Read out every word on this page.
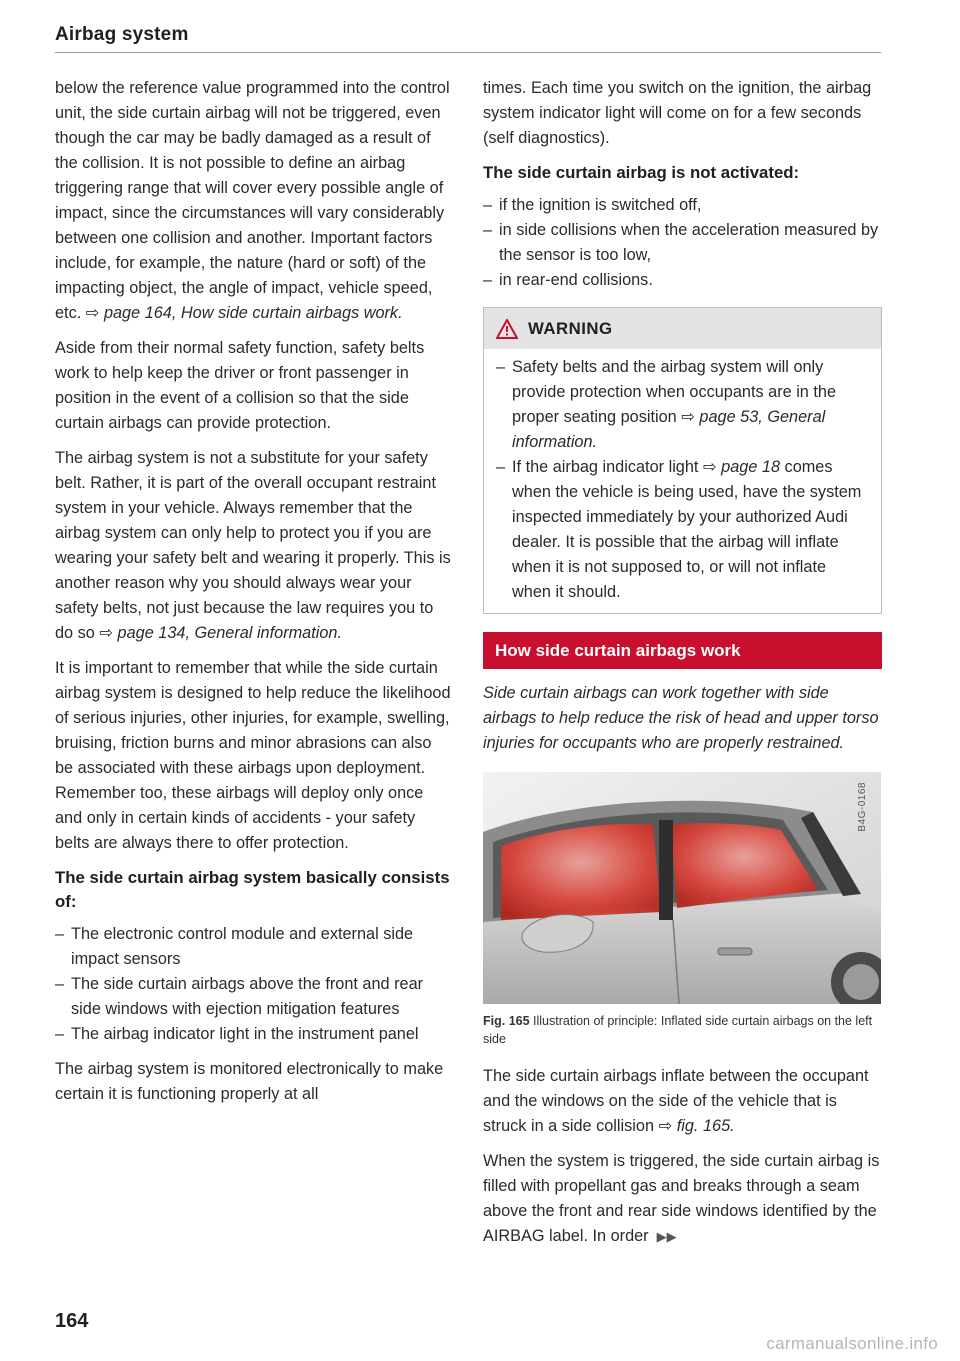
Airbag system

below the reference value programmed into the control unit, the side curtain airbag will not be triggered, even though the car may be badly damaged as a result of the collision. It is not possible to define an airbag triggering range that will cover every possible angle of impact, since the circumstances will vary considerably between one collision and another. Important factors include, for example, the nature (hard or soft) of the impacting object, the angle of impact, vehicle speed, etc. ⇨ page 164, How side curtain airbags work.

Aside from their normal safety function, safety belts work to help keep the driver or front passenger in position in the event of a collision so that the side curtain airbags can provide protection.

The airbag system is not a substitute for your safety belt. Rather, it is part of the overall occupant restraint system in your vehicle. Always remember that the airbag system can only help to protect you if you are wearing your safety belt and wearing it properly. This is another reason why you should always wear your safety belts, not just because the law requires you to do so ⇨ page 134, General information.

It is important to remember that while the side curtain airbag system is designed to help reduce the likelihood of serious injuries, other injuries, for example, swelling, bruising, friction burns and minor abrasions can also be associated with these airbags upon deployment. Remember too, these airbags will deploy only once and only in certain kinds of accidents - your safety belts are always there to offer protection.

The side curtain airbag system basically consists of:
– The electronic control module and external side impact sensors
– The side curtain airbags above the front and rear side windows with ejection mitigation features
– The airbag indicator light in the instrument panel

The airbag system is monitored electronically to make certain it is functioning properly at all

times. Each time you switch on the ignition, the airbag system indicator light will come on for a few seconds (self diagnostics).

The side curtain airbag is not activated:
– if the ignition is switched off,
– in side collisions when the acceleration measured by the sensor is too low,
– in rear-end collisions.
WARNING
– Safety belts and the airbag system will only provide protection when occupants are in the proper seating position ⇨ page 53, General information.
– If the airbag indicator light ⇨ page 18 comes when the vehicle is being used, have the system inspected immediately by your authorized Audi dealer. It is possible that the airbag will inflate when it is not supposed to, or will not inflate when it should.
How side curtain airbags work

Side curtain airbags can work together with side airbags to help reduce the risk of head and upper torso injuries for occupants who are properly restrained.

B4G-0168
Fig. 165 Illustration of principle: Inflated side curtain airbags on the left side

The side curtain airbags inflate between the occupant and the windows on the side of the vehicle that is struck in a side collision ⇨ fig. 165.

When the system is triggered, the side curtain airbag is filled with propellant gas and breaks through a seam above the front and rear side windows identified by the AIRBAG label. In order ▶▶

164
carmanualsonline.info
